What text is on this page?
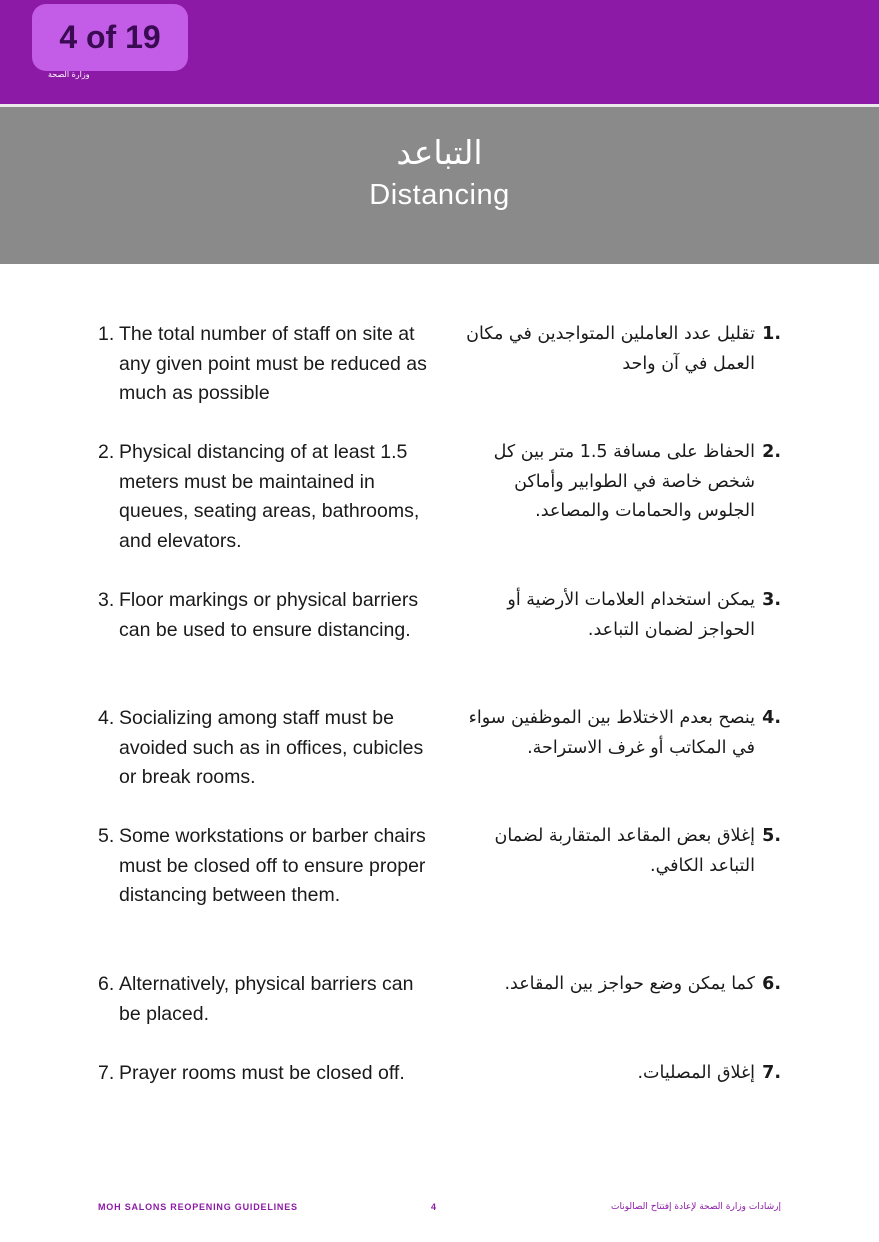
4 of 19
وزارة الصحة
التباعد
Distancing
1. The total number of staff on site at any given point must be reduced as much as possible
.1
تقليل عدد العاملين المتواجدين في مكان العمل في آن واحد
2. Physical distancing of at least 1.5 meters must be maintained in queues, seating areas, bathrooms, and elevators.
.2
الحفاظ على مسافة 1.5 متر بين كل شخص خاصة في الطوابير وأماكن الجلوس والحمامات والمصاعد.
3. Floor markings or physical barriers can be used to ensure distancing.
.3
يمكن استخدام العلامات الأرضية أو الحواجز لضمان التباعد.
4. Socializing among staff must be avoided such as in offices, cubicles or break rooms.
.4
ينصح بعدم الاختلاط بين الموظفين سواء في المكاتب أو غرف الاستراحة.
5. Some workstations or barber chairs must be closed off to ensure proper distancing between them.
.5
إغلاق بعض المقاعد المتقاربة لضمان التباعد الكافي.
6. Alternatively, physical barriers can be placed.
.6
كما يمكن وضع حواجز بين المقاعد.
7. Prayer rooms must be closed off.	.7
إغلاق المصليات.
MOH SALONS REOPENING GUIDELINES	4	إرشادات وزارة الصحة لإعادة إفتتاح الصالونات
